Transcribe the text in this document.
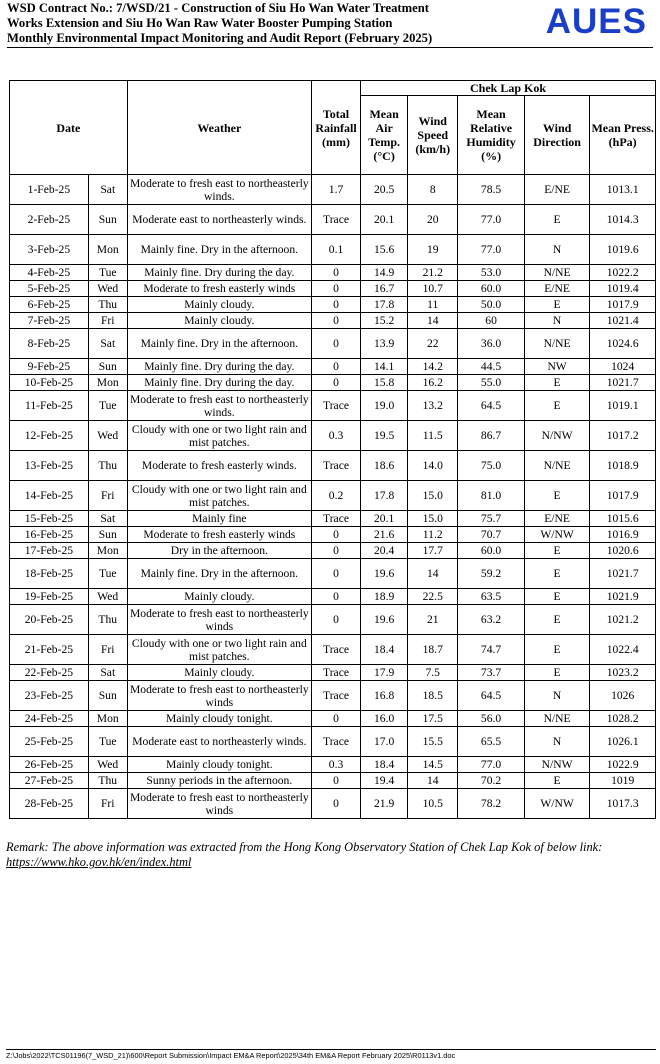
WSD Contract No.: 7/WSD/21 - Construction of Siu Ho Wan Water Treatment
Works Extension and Siu Ho Wan Raw Water Booster Pumping Station
Monthly Environmental Impact Monitoring and Audit Report (February 2025)	AUES
Date		Weather	Total Rainfall (mm)	Chek Lap Kok				
				Mean Air Temp. (°C)	Wind Speed (km/h)	Mean Relative Humidity (%)	Wind Direction	Mean Press. (hPa)
1-Feb-25	Sat	Moderate to fresh east to northeasterly winds.	1.7	20.5	8	78.5	E/NE	1013.1
2-Feb-25	Sun	Moderate east to northeasterly winds.	Trace	20.1	20	77.0	E	1014.3
3-Feb-25	Mon	Mainly fine. Dry in the afternoon.	0.1	15.6	19	77.0	N	1019.6
4-Feb-25	Tue	Mainly fine. Dry during the day.	0	14.9	21.2	53.0	N/NE	1022.2
5-Feb-25	Wed	Moderate to fresh easterly winds	0	16.7	10.7	60.0	E/NE	1019.4
6-Feb-25	Thu	Mainly cloudy.	0	17.8	11	50.0	E	1017.9
7-Feb-25	Fri	Mainly cloudy.	0	15.2	14	60	N	1021.4
8-Feb-25	Sat	Mainly fine. Dry in the afternoon.	0	13.9	22	36.0	N/NE	1024.6
9-Feb-25	Sun	Mainly fine. Dry during the day.	0	14.1	14.2	44.5	NW	1024
10-Feb-25	Mon	Mainly fine. Dry during the day.	0	15.8	16.2	55.0	E	1021.7
11-Feb-25	Tue	Moderate to fresh east to northeasterly winds.	Trace	19.0	13.2	64.5	E	1019.1
12-Feb-25	Wed	Cloudy with one or two light rain and mist patches.	0.3	19.5	11.5	86.7	N/NW	1017.2
13-Feb-25	Thu	Moderate to fresh easterly winds.	Trace	18.6	14.0	75.0	N/NE	1018.9
14-Feb-25	Fri	Cloudy with one or two light rain and mist patches.	0.2	17.8	15.0	81.0	E	1017.9
15-Feb-25	Sat	Mainly fine	Trace	20.1	15.0	75.7	E/NE	1015.6
16-Feb-25	Sun	Moderate to fresh easterly winds	0	21.6	11.2	70.7	W/NW	1016.9
17-Feb-25	Mon	Dry in the afternoon.	0	20.4	17.7	60.0	E	1020.6
18-Feb-25	Tue	Mainly fine. Dry in the afternoon.	0	19.6	14	59.2	E	1021.7
19-Feb-25	Wed	Mainly cloudy.	0	18.9	22.5	63.5	E	1021.9
20-Feb-25	Thu	Moderate to fresh east to northeasterly winds	0	19.6	21	63.2	E	1021.2
21-Feb-25	Fri	Cloudy with one or two light rain and mist patches.	Trace	18.4	18.7	74.7	E	1022.4
22-Feb-25	Sat	Mainly cloudy.	Trace	17.9	7.5	73.7	E	1023.2
23-Feb-25	Sun	Moderate to fresh east to northeasterly winds	Trace	16.8	18.5	64.5	N	1026
24-Feb-25	Mon	Mainly cloudy tonight.	0	16.0	17.5	56.0	N/NE	1028.2
25-Feb-25	Tue	Moderate east to northeasterly winds.	Trace	17.0	15.5	65.5	N	1026.1
26-Feb-25	Wed	Mainly cloudy tonight.	0.3	18.4	14.5	77.0	N/NW	1022.9
27-Feb-25	Thu	Sunny periods in the afternoon.	0	19.4	14	70.2	E	1019
28-Feb-25	Fri	Moderate to fresh east to northeasterly winds	0	21.9	10.5	78.2	W/NW	1017.3
Remark: The above information was extracted from the Hong Kong Observatory Station of Chek Lap Kok of below link:
https://www.hko.gov.hk/en/index.html
Z:\Jobs\2022\TCS01196(7_WSD_21)\600\Report Submission\Impact EM&A Report\2025\34th EM&A Report February 2025\R0113v1.doc
